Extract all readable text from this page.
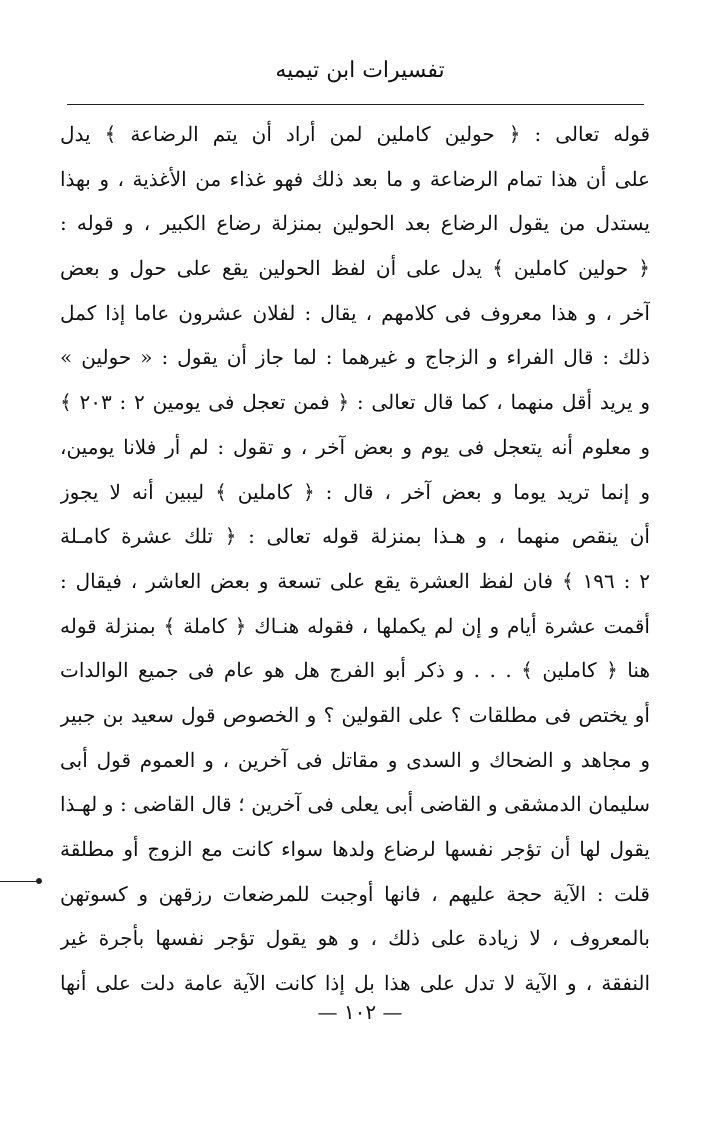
تفسيرات ابن تيميه
قوله تعالى : ﴿ حولين كاملين لمن أراد أن يتم الرضاعة ﴾ يدل
على أن هذا تمام الرضاعة و ما بعد ذلك فهو غذاء من الأغذية ، و بهذا
يستدل من يقول الرضاع بعد الحولين بمنزلة رضاع الكبير ، و قوله :
﴿ حولين كاملين ﴾ يدل على أن لفظ الحولين يقع على حول و بعض
آخر ، و هذا معروف فى كلامهم ، يقال : لفلان عشرون عاما إذا كمل
ذلك : قال الفراء و الزجاج و غيرهما : لما جاز أن يقول : « حولين »
و يريد أقل منهما ، كما قال تعالى : ﴿ فمن تعجل فى يومين ٢ : ٢٠٣ ﴾
و معلوم أنه يتعجل فى يوم و بعض آخر ، و تقول : لم أر فلانا يومين،
و إنما تريد يوما و بعض آخر ، قال : ﴿ كاملين ﴾ ليبين أنه لا يجوز
أن ينقص منهما ، و هـذا بمنزلة قوله تعالى : ﴿ تلك عشرة كامـلة
٢ : ١٩٦ ﴾ فان لفظ العشرة يقع على تسعة و بعض العاشر ، فيقال :
أقمت عشرة أيام و إن لم يكملها ، فقوله هنـاك ﴿ كاملة ﴾ بمنزلة قوله
هنا ﴿ كاملين ﴾ . . . و ذكر أبو الفرج هل هو عام فى جميع الوالدات
أو يختص فى مطلقات ؟ على القولين ؟ و الخصوص قول سعيد بن جبير
و مجاهد و الضحاك و السدى و مقاتل فى آخرين ، و العموم قول أبى
سليمان الدمشقى و القاضى أبى يعلى فى آخرين ؛ قال القاضى : و لهـذا
يقول لها أن تؤجر نفسها لرضاع ولدها سواء كانت مع الزوج أو مطلقة
قلت : الآية حجة عليهم ، فانها أوجبت للمرضعات رزقهن و كسوتهن
بالمعروف ، لا زيادة على ذلك ، و هو يقول تؤجر نفسها بأجرة غير
النفقة ، و الآية لا تدل على هذا بل إذا كانت الآية عامة دلت على أنها
— ١٠٢ —
